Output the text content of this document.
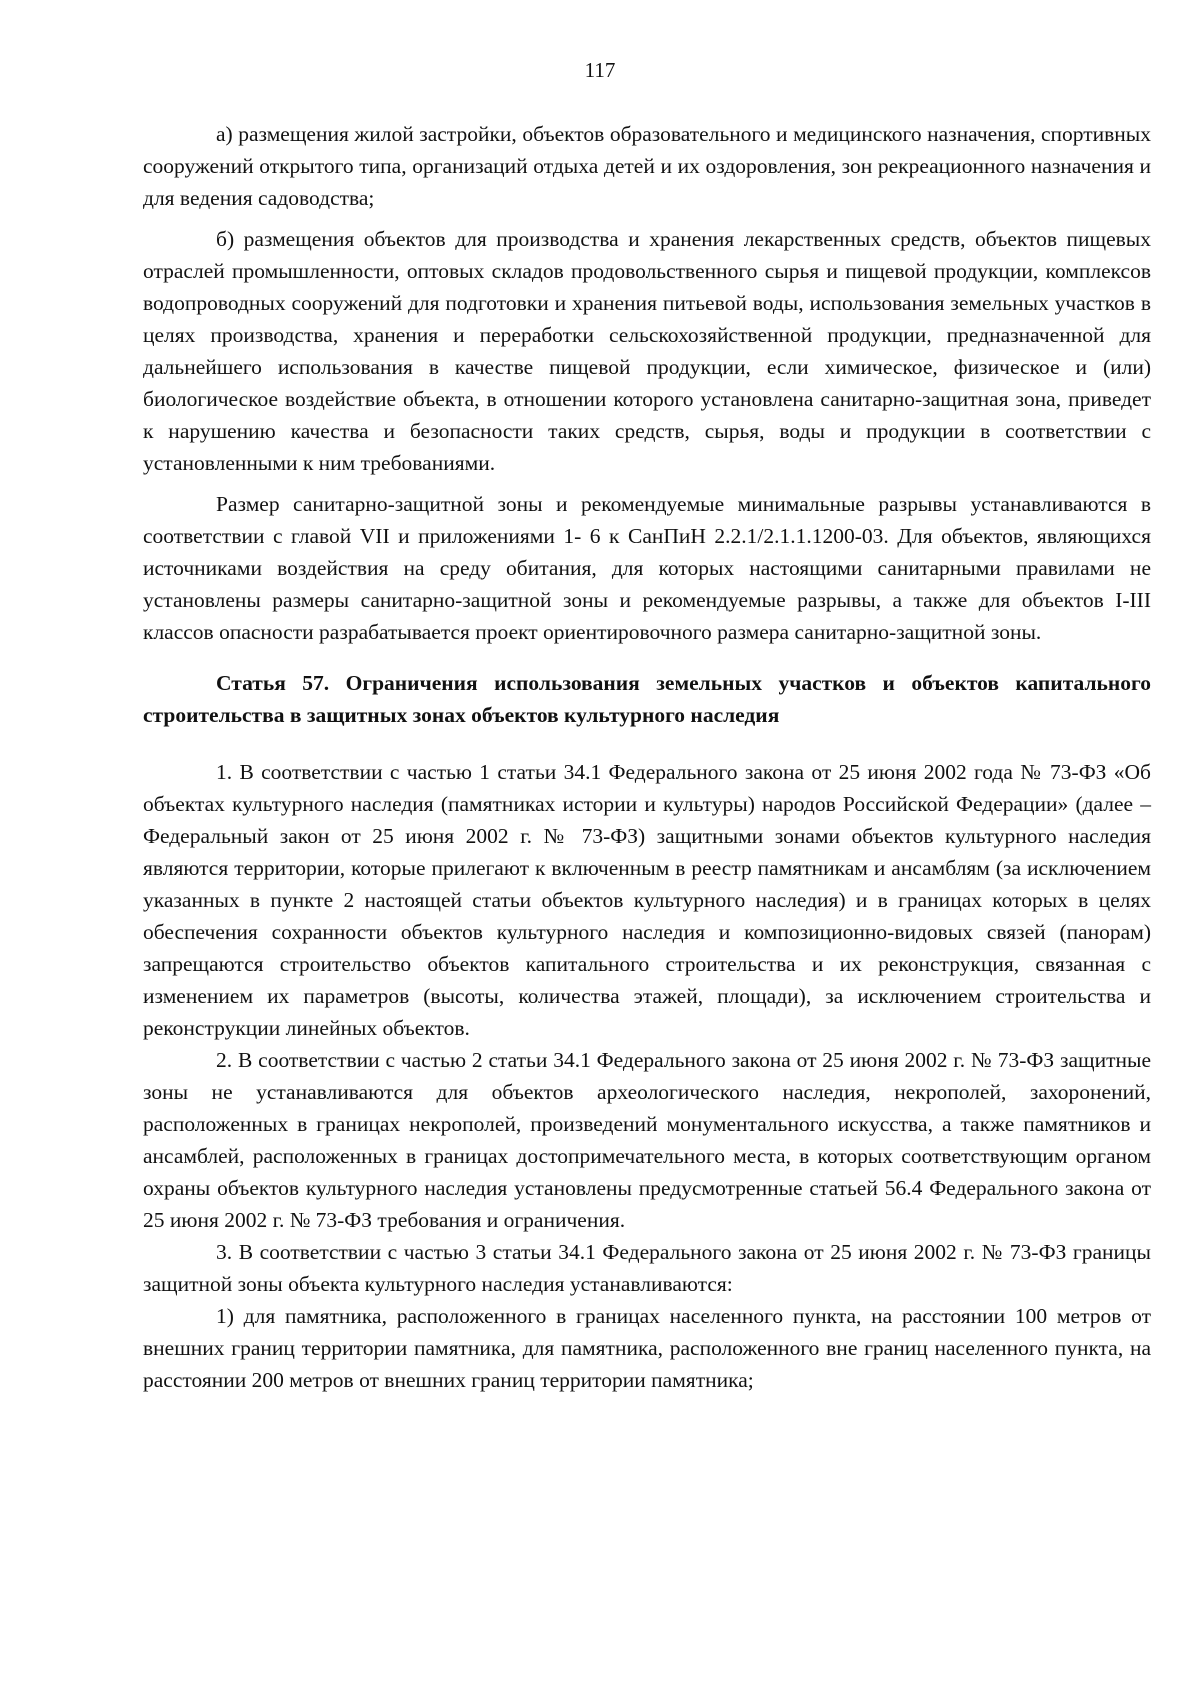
117

а) размещения жилой застройки, объектов образовательного и медицинского назначения, спортивных сооружений открытого типа, организаций отдыха детей и их оздоровления, зон рекреационного назначения и для ведения садоводства;

б) размещения объектов для производства и хранения лекарственных средств, объектов пищевых отраслей промышленности, оптовых складов продовольственного сырья и пищевой продукции, комплексов водопроводных сооружений для подготовки и хранения питьевой воды, использования земельных участков в целях производства, хранения и переработки сельскохозяйственной продукции, предназначенной для дальнейшего использования в качестве пищевой продукции, если химическое, физическое и (или) биологическое воздействие объекта, в отношении которого установлена санитарно-защитная зона, приведет к нарушению качества и безопасности таких средств, сырья, воды и продукции в соответствии с установленными к ним требованиями.

Размер санитарно-защитной зоны и рекомендуемые минимальные разрывы устанавливаются в соответствии с главой VII и приложениями 1- 6 к СанПиН 2.2.1/2.1.1.1200-03. Для объектов, являющихся источниками воздействия на среду обитания, для которых настоящими санитарными правилами не установлены размеры санитарно-защитной зоны и рекомендуемые разрывы, а также для объектов I-III классов опасности разрабатывается проект ориентировочного размера санитарно-защитной зоны.

Статья 57. Ограничения использования земельных участков и объектов капитального строительства в защитных зонах объектов культурного наследия

1. В соответствии с частью 1 статьи 34.1 Федерального закона от 25 июня 2002 года № 73-ФЗ «Об объектах культурного наследия (памятниках истории и культуры) народов Российской Федерации» (далее – Федеральный закон от 25 июня 2002 г. № 73-ФЗ) защитными зонами объектов культурного наследия являются территории, которые прилегают к включенным в реестр памятникам и ансамблям (за исключением указанных в пункте 2 настоящей статьи объектов культурного наследия) и в границах которых в целях обеспечения сохранности объектов культурного наследия и композиционно-видовых связей (панорам) запрещаются строительство объектов капитального строительства и их реконструкция, связанная с изменением их параметров (высоты, количества этажей, площади), за исключением строительства и реконструкции линейных объектов.

2. В соответствии с частью 2 статьи 34.1 Федерального закона от 25 июня 2002 г. № 73-ФЗ защитные зоны не устанавливаются для объектов археологического наследия, некрополей, захоронений, расположенных в границах некрополей, произведений монументального искусства, а также памятников и ансамблей, расположенных в границах достопримечательного места, в которых соответствующим органом охраны объектов культурного наследия установлены предусмотренные статьей 56.4 Федерального закона от 25 июня 2002 г. № 73-ФЗ требования и ограничения.

3. В соответствии с частью 3 статьи 34.1 Федерального закона от 25 июня 2002 г. № 73-ФЗ границы защитной зоны объекта культурного наследия устанавливаются:

1) для памятника, расположенного в границах населенного пункта, на расстоянии 100 метров от внешних границ территории памятника, для памятника, расположенного вне границ населенного пункта, на расстоянии 200 метров от внешних границ территории памятника;
